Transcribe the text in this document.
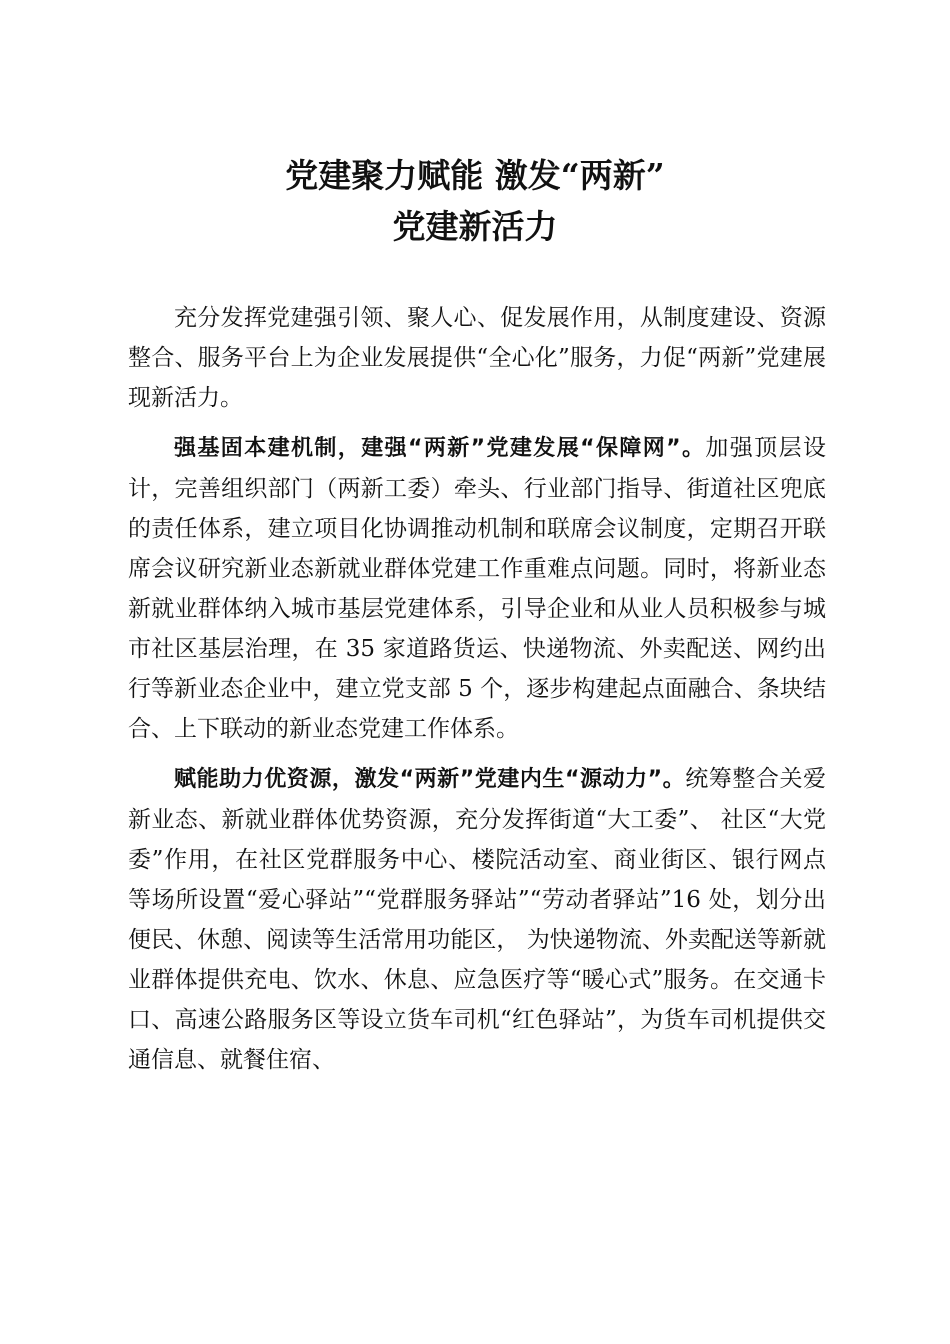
党建聚力赋能 激发“两新”
党建新活力

充分发挥党建强引领、聚人心、促发展作用，从制度建设、资源整合、服务平台上为企业发展提供“全心化”服务，力促“两新”党建展现新活力。

强基固本建机制，建强“两新”党建发展“保障网”。加强顶层设计，完善组织部门（两新工委）牵头、行业部门指导、街道社区兜底的责任体系，建立项目化协调推动机制和联席会议制度，定期召开联席会议研究新业态新就业群体党建工作重难点问题。同时，将新业态新就业群体纳入城市基层党建体系，引导企业和从业人员积极参与城市社区基层治理，在 35 家道路货运、快递物流、外卖配送、网约出行等新业态企业中，建立党支部 5 个，逐步构建起点面融合、条块结合、上下联动的新业态党建工作体系。

赋能助力优资源，激发“两新”党建内生“源动力”。统筹整合关爱新业态、新就业群体优势资源，充分发挥街道“大工委”、 社区“大党委”作用，在社区党群服务中心、楼院活动室、商业街区、银行网点等场所设置“爱心驿站”“党群服务驿站”“劳动者驿站”16 处，划分出便民、休憩、阅读等生活常用功能区， 为快递物流、外卖配送等新就业群体提供充电、饮水、休息、应急医疗等“暖心式”服务。在交通卡口、高速公路服务区等设立货车司机“红色驿站”，为货车司机提供交通信息、就餐住宿、
